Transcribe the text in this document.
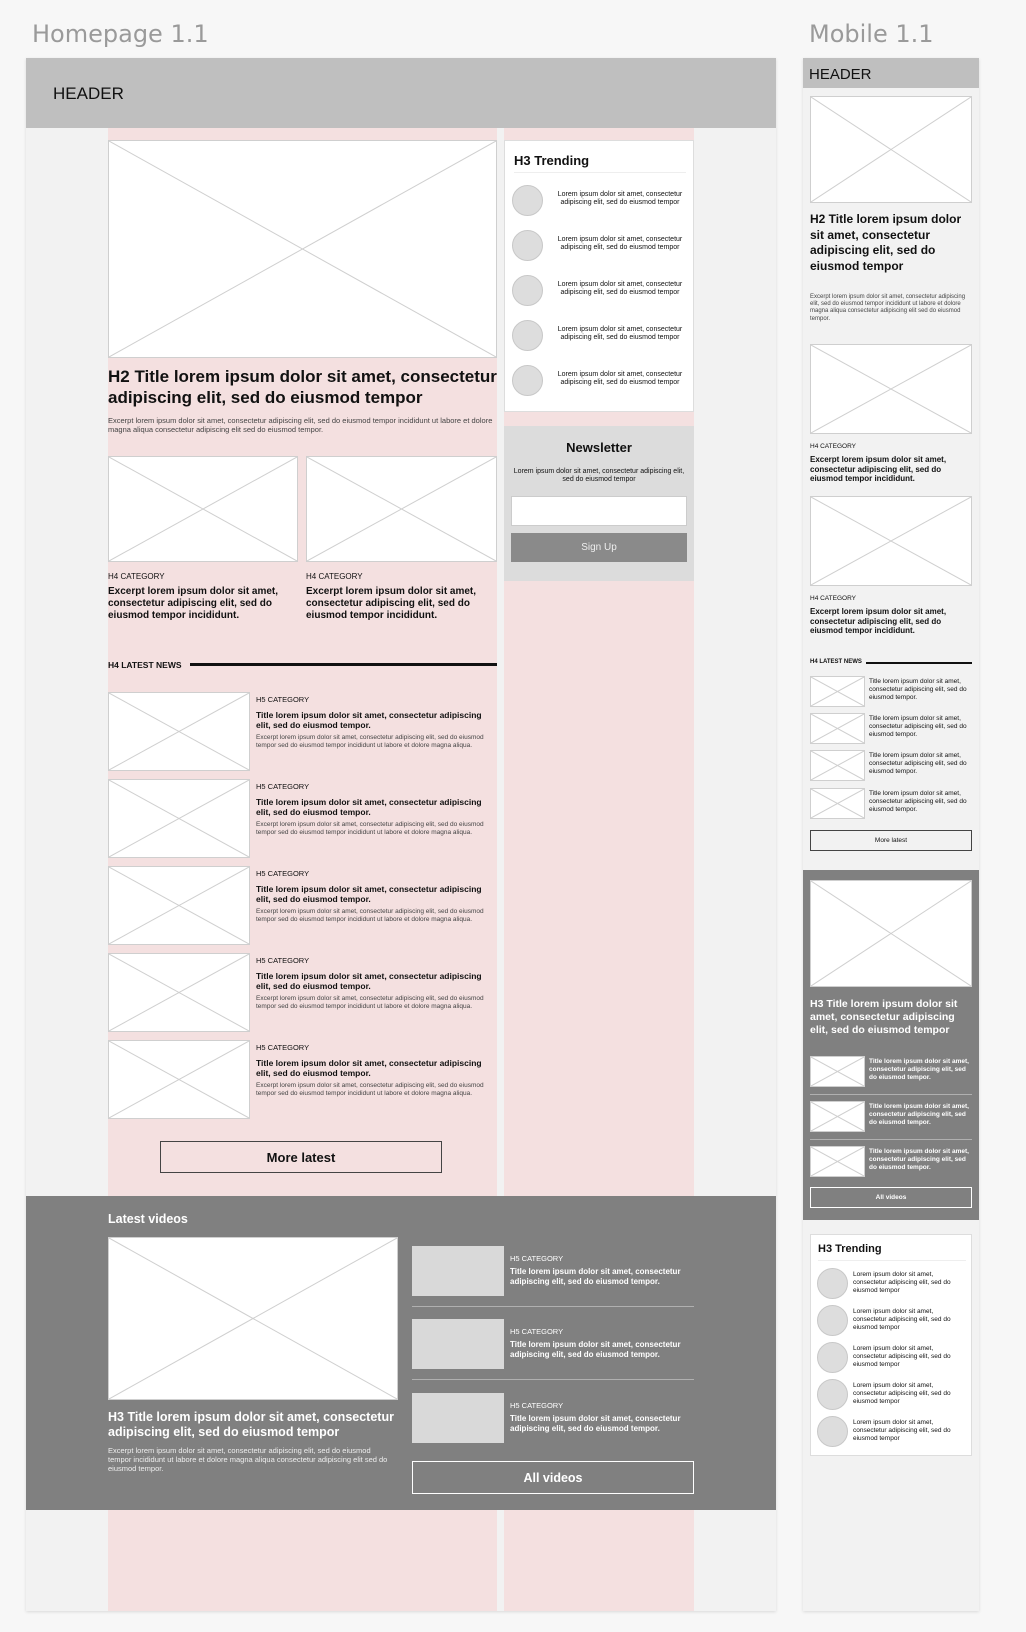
Homepage 1.1	Mobile 1.1
HEADER
H2 Title lorem ipsum dolor sit amet, consectetur adipiscing elit, sed do eiusmod tempor
Excerpt lorem ipsum dolor sit amet, consectetur adipiscing elit, sed do eiusmod tempor incididunt ut labore et dolore magna aliqua consectetur adipiscing elit sed do eiusmod tempor.
H4 CATEGORY
Excerpt lorem ipsum dolor sit amet, consectetur adipiscing elit, sed do eiusmod tempor incididunt.
H4 CATEGORY
Excerpt lorem ipsum dolor sit amet, consectetur adipiscing elit, sed do eiusmod tempor incididunt.
H4 LATEST NEWS
H5 CATEGORY
Title lorem ipsum dolor sit amet, consectetur adipiscing elit, sed do eiusmod tempor.
Excerpt lorem ipsum dolor sit amet, consectetur adipiscing elit, sed do eiusmod tempor sed do eiusmod tempor incididunt ut labore et dolore magna aliqua.
H5 CATEGORY
Title lorem ipsum dolor sit amet, consectetur adipiscing elit, sed do eiusmod tempor.
Excerpt lorem ipsum dolor sit amet, consectetur adipiscing elit, sed do eiusmod tempor sed do eiusmod tempor incididunt ut labore et dolore magna aliqua.
H5 CATEGORY
Title lorem ipsum dolor sit amet, consectetur adipiscing elit, sed do eiusmod tempor.
Excerpt lorem ipsum dolor sit amet, consectetur adipiscing elit, sed do eiusmod tempor sed do eiusmod tempor incididunt ut labore et dolore magna aliqua.
H5 CATEGORY
Title lorem ipsum dolor sit amet, consectetur adipiscing elit, sed do eiusmod tempor.
Excerpt lorem ipsum dolor sit amet, consectetur adipiscing elit, sed do eiusmod tempor sed do eiusmod tempor incididunt ut labore et dolore magna aliqua.
H5 CATEGORY
Title lorem ipsum dolor sit amet, consectetur adipiscing elit, sed do eiusmod tempor.
Excerpt lorem ipsum dolor sit amet, consectetur adipiscing elit, sed do eiusmod tempor sed do eiusmod tempor incididunt ut labore et dolore magna aliqua.
More latest
H3 Trending
Lorem ipsum dolor sit amet, consectetur adipiscing elit, sed do eiusmod tempor
Lorem ipsum dolor sit amet, consectetur adipiscing elit, sed do eiusmod tempor
Lorem ipsum dolor sit amet, consectetur adipiscing elit, sed do eiusmod tempor
Lorem ipsum dolor sit amet, consectetur adipiscing elit, sed do eiusmod tempor
Lorem ipsum dolor sit amet, consectetur adipiscing elit, sed do eiusmod tempor
Newsletter
Lorem ipsum dolor sit amet, consectetur adipiscing elit, sed do eiusmod tempor
Sign Up
Latest videos
H3 Title lorem ipsum dolor sit amet, consectetur adipiscing elit, sed do eiusmod tempor
Excerpt lorem ipsum dolor sit amet, consectetur adipiscing elit, sed do eiusmod tempor incididunt ut labore et dolore magna aliqua consectetur adipiscing elit sed do eiusmod tempor.
H5 CATEGORY
Title lorem ipsum dolor sit amet, consectetur adipiscing elit, sed do eiusmod tempor.
H5 CATEGORY
Title lorem ipsum dolor sit amet, consectetur adipiscing elit, sed do eiusmod tempor.
H5 CATEGORY
Title lorem ipsum dolor sit amet, consectetur adipiscing elit, sed do eiusmod tempor.
All videos
HEADER
H2 Title lorem ipsum dolor sit amet, consectetur adipiscing elit, sed do eiusmod tempor
Excerpt lorem ipsum dolor sit amet, consectetur adipiscing elit, sed do eiusmod tempor incididunt ut labore et dolore magna aliqua consectetur adipiscing elit sed do eiusmod tempor.
H4 CATEGORY
Excerpt lorem ipsum dolor sit amet, consectetur adipiscing elit, sed do eiusmod tempor incididunt.
H4 CATEGORY
Excerpt lorem ipsum dolor sit amet, consectetur adipiscing elit, sed do eiusmod tempor incididunt.
H4 LATEST NEWS
Title lorem ipsum dolor sit amet, consectetur adipiscing elit, sed do eiusmod tempor.
Title lorem ipsum dolor sit amet, consectetur adipiscing elit, sed do eiusmod tempor.
Title lorem ipsum dolor sit amet, consectetur adipiscing elit, sed do eiusmod tempor.
Title lorem ipsum dolor sit amet, consectetur adipiscing elit, sed do eiusmod tempor.
More latest
H3 Title lorem ipsum dolor sit amet, consectetur adipiscing elit, sed do eiusmod tempor
Title lorem ipsum dolor sit amet, consectetur adipiscing elit, sed do eiusmod tempor.
Title lorem ipsum dolor sit amet, consectetur adipiscing elit, sed do eiusmod tempor.
Title lorem ipsum dolor sit amet, consectetur adipiscing elit, sed do eiusmod tempor.
All videos
H3 Trending
Lorem ipsum dolor sit amet, consectetur adipiscing elit, sed do eiusmod tempor
Lorem ipsum dolor sit amet, consectetur adipiscing elit, sed do eiusmod tempor
Lorem ipsum dolor sit amet, consectetur adipiscing elit, sed do eiusmod tempor
Lorem ipsum dolor sit amet, consectetur adipiscing elit, sed do eiusmod tempor
Lorem ipsum dolor sit amet, consectetur adipiscing elit, sed do eiusmod tempor
